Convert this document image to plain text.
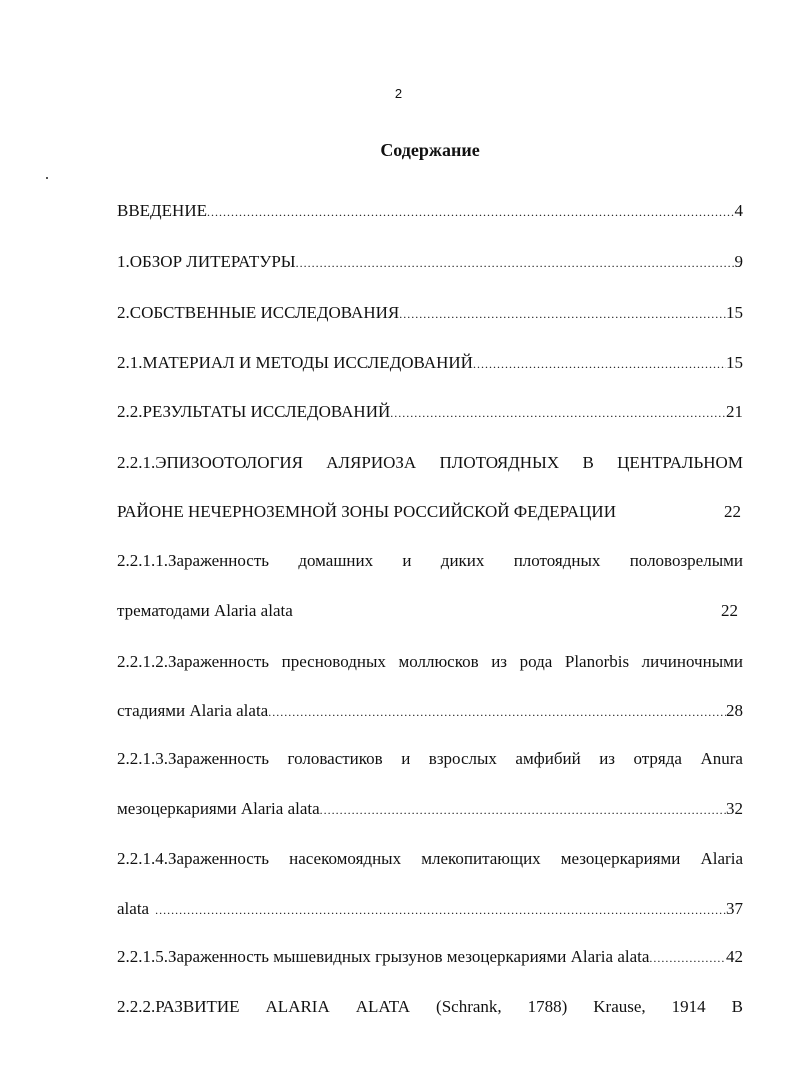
2
Содержание
ВВЕДЕНИЕ .....	4
1.ОБЗОР ЛИТЕРАТУРЫ .....	9
2.СОБСТВЕННЫЕ ИССЛЕДОВАНИЯ .....	15
2.1.МАТЕРИАЛ И МЕТОДЫ ИССЛЕДОВАНИЙ .....	15
2.2.РЕЗУЛЬТАТЫ ИССЛЕДОВАНИЙ .....	21
2.2.1.ЭПИЗООТОЛОГИЯ АЛЯРИОЗА ПЛОТОЯДНЫХ В ЦЕНТРАЛЬНОМ
РАЙОНЕ НЕЧЕРНОЗЕМНОЙ ЗОНЫ РОССИЙСКОЙ ФЕДЕРАЦИИ	22
2.2.1.1.Зараженность домашних и диких плотоядных половозрелыми
трематодами Alaria alata	22
2.2.1.2.Зараженность пресноводных моллюсков из рода Planorbis личиночными
стадиями Alaria alata .....	28
2.2.1.3.Зараженность головастиков и взрослых амфибий из отряда Anura
мезоцеркариями Alaria alata .....	32
2.2.1.4.Зараженность насекомоядных млекопитающих мезоцеркариями Alaria
alata .....	37
2.2.1.5.Зараженность мышевидных грызунов мезоцеркариями Alaria alata .....	42
2.2.2.РАЗВИТИЕ ALARIA ALATA (Schrank, 1788) Krause, 1914 В
